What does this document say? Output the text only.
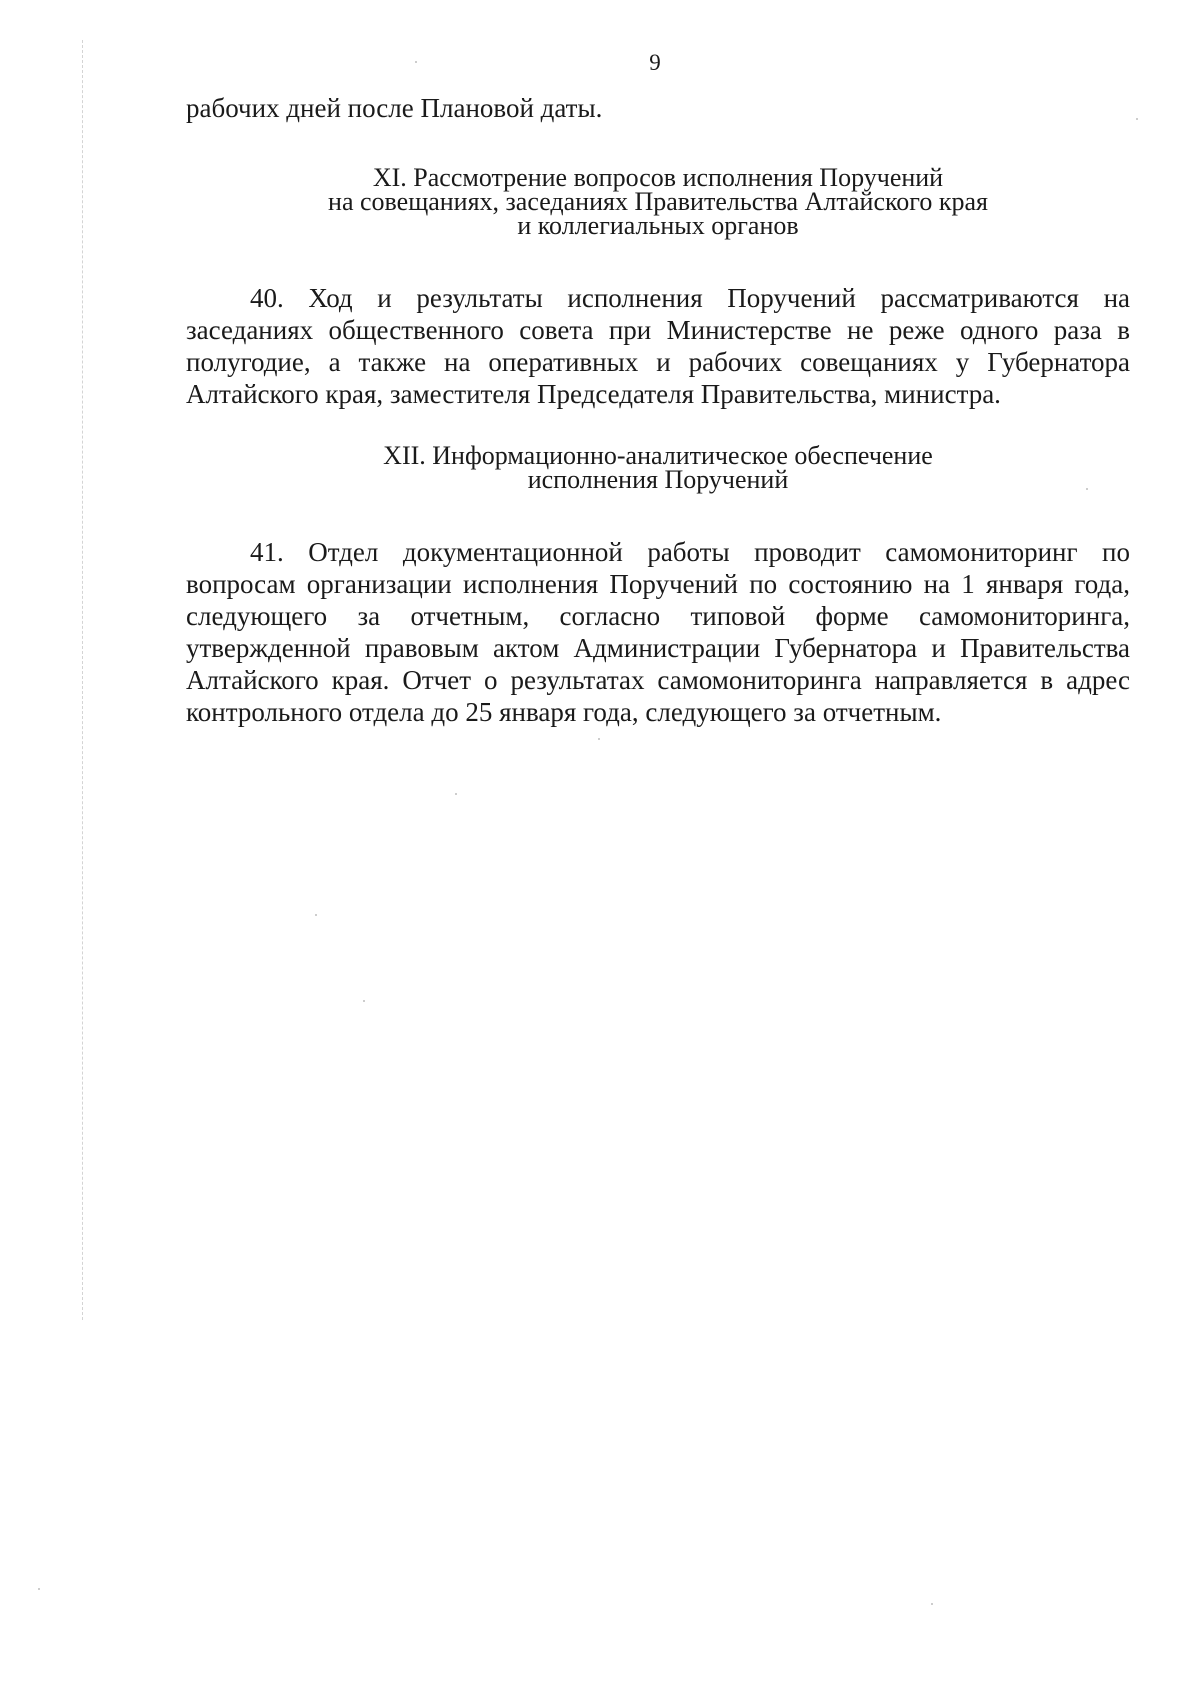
9

рабочих дней после Плановой даты.

XI. Рассмотрение вопросов исполнения Поручений

на совещаниях, заседаниях Правительства Алтайского края

и коллегиальных органов

40. Ход и результаты исполнения Поручений рассматриваются на заседаниях общественного совета при Министерстве не реже одного раза в полугодие, а также на оперативных и рабочих совещаниях у Губернатора Алтайского края, заместителя Председателя Правительства, министра.

XII. Информационно-аналитическое обеспечение

исполнения Поручений

41. Отдел документационной работы проводит самомониторинг по вопросам организации исполнения Поручений по состоянию на 1 января года, следующего за отчетным, согласно типовой форме самомониторинга, утвержденной правовым актом Администрации Губернатора и Правительства Алтайского края. Отчет о результатах самомониторинга направляется в адрес контрольного отдела до 25 января года, следующего за отчетным.
